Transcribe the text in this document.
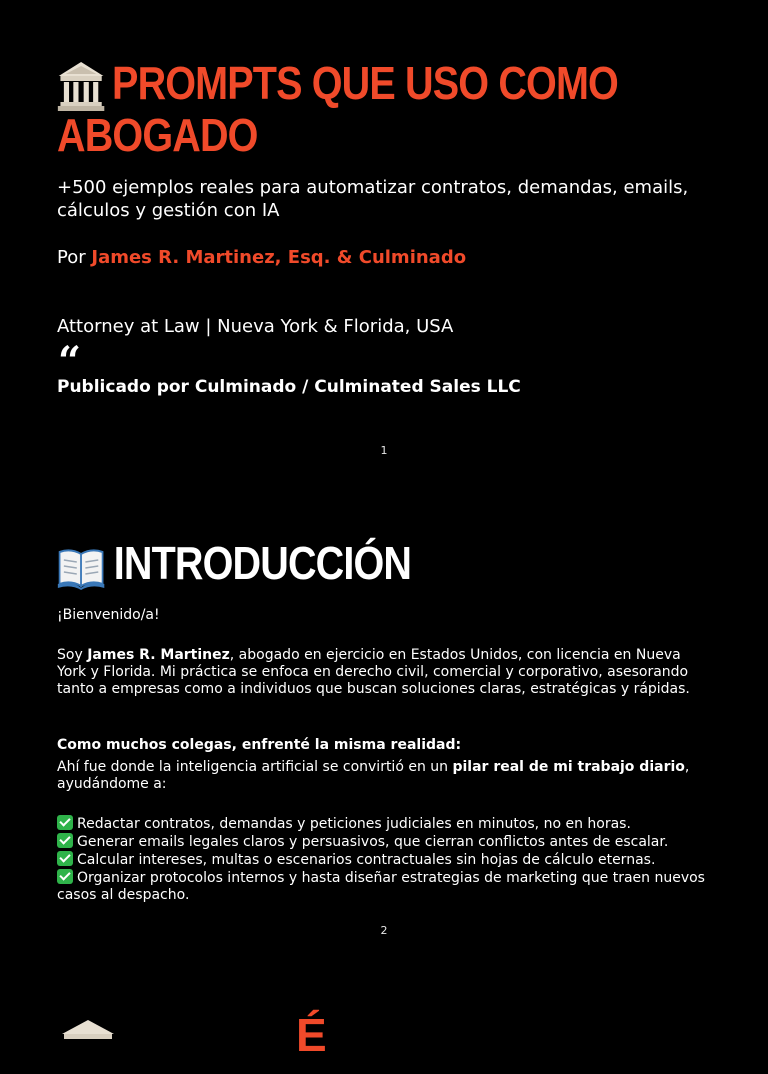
PROMPTS QUE USO COMO
ABOGADO

+500 ejemplos reales para automatizar contratos, demandas, emails, cálculos y gestión con IA

Por James R. Martinez, Esq. & Culminado

Attorney at Law | Nueva York & Florida, USA

“

Publicado por Culminado / Culminated Sales LLC

1
INTRODUCCIÓN

¡Bienvenido/a!

Soy James R. Martinez, abogado en ejercicio en Estados Unidos, con licencia en Nueva York y Florida. Mi práctica se enfoca en derecho civil, comercial y corporativo, asesorando tanto a empresas como a individuos que buscan soluciones claras, estratégicas y rápidas.

Como muchos colegas, enfrenté la misma realidad:

Ahí fue donde la inteligencia artificial se convirtió en un pilar real de mi trabajo diario, ayudándome a:

Redactar contratos, demandas y peticiones judiciales en minutos, no en horas.
Generar emails legales claros y persuasivos, que cierran conflictos antes de escalar.
Calcular intereses, multas o escenarios contractuales sin hojas de cálculo eternas.
Organizar protocolos internos y hasta diseñar estrategias de marketing que traen nuevos casos al despacho.
2
É
